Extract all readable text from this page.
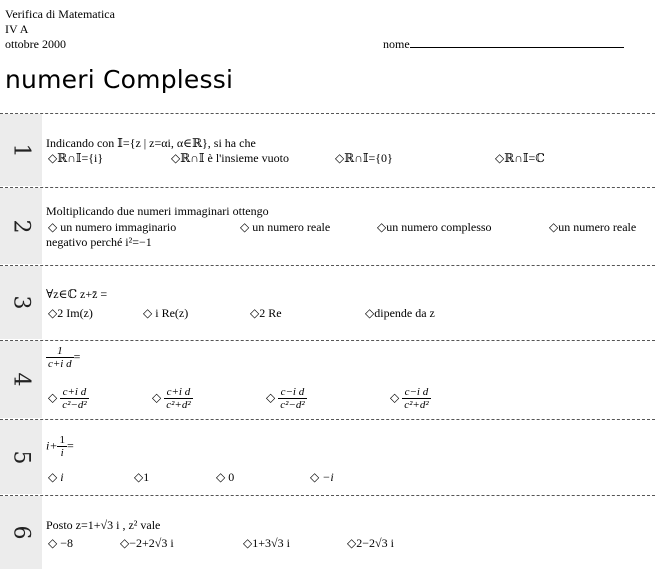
Verifica di Matematica
IV A
ottobre 2000	nome
numeri Complessi
1 Indicando con 𝕀={z | z=αi, α∈ℝ}, si ha che
◇ℝ∩𝕀={i}	◇ℝ∩𝕀 è l'insieme vuoto	◇ℝ∩𝕀={0}	◇ℝ∩𝕀=ℂ
2
Moltiplicando due numeri immaginari ottengo
◇ un numero immaginario	◇ un numero reale	◇un numero complesso	◇un numero reale
negativo perché i²=−1
3
∀z∈ℂ z+z̄ =
◇2 Im(z)	◇ i Re(z)	◇2 Re	◇dipende da z
4
$\frac{1}{\text{c+i d}}$ =
◇ $\frac{\text{c+i d}}{\text{c²−d²}}$	◇ $\frac{\text{c+i d}}{\text{c²+d²}}$	◇ $\frac{\text{c−i d}}{\text{c²−d²}}$	◇ $\frac{\text{c−i d}}{\text{c²+d²}}$
5
$i+ \frac{1}{i}$ =
◇ i	◇1	◇ 0	◇ −i
6
Posto z=1+√3 i , z² vale
◇ −8	◇−2+2√3 i	◇1+3√3 i	◇2−2√3 i
